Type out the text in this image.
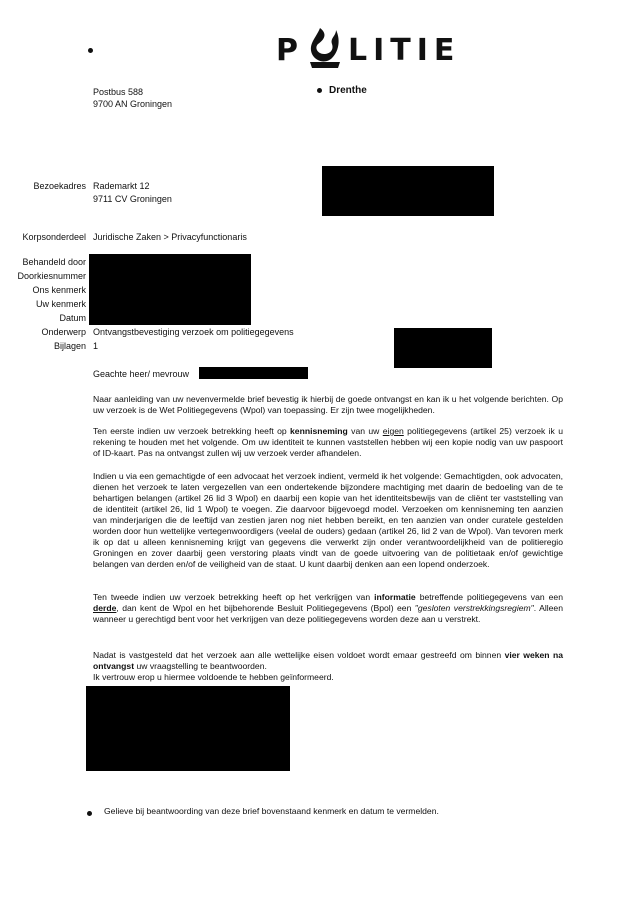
P LITIE
Drenthe
Postbus 588
9700 AN Groningen
Bezoekadres Rademarkt 12
9711 CV Groningen
Korpsonderdeel Juridische Zaken > Privacyfunctionaris
Behandeld door
Doorkiesnummer
Ons kenmerk
Uw kenmerk
Datum
Onderwerp
Bijlagen
Ontvangstbevestiging verzoek om politiegegevens
1
Geachte heer/ mevrouw

Naar aanleiding van uw nevenvermelde brief bevestig ik hierbij de goede ontvangst en kan ik u het volgende berichten. Op uw verzoek is de Wet Politiegegevens (Wpol) van toepassing. Er zijn twee mogelijkheden.

Ten eerste indien uw verzoek betrekking heeft op kennisneming van uw eigen politiegegevens (artikel 25) verzoek ik u rekening te houden met het volgende. Om uw identiteit te kunnen vaststellen hebben wij een kopie nodig van uw paspoort of ID-kaart. Pas na ontvangst zullen wij uw verzoek verder afhandelen.

Indien u via een gemachtigde of een advocaat het verzoek indient, vermeld ik het volgende: Gemachtigden, ook advocaten, dienen het verzoek te laten vergezellen van een ondertekende bijzondere machtiging met daarin de bedoeling van de te behartigen belangen (artikel 26 lid 3 Wpol) en daarbij een kopie van het identiteitsbewijs van de cliënt ter vaststelling van de identiteit (artikel 26, lid 1 Wpol) te voegen. Zie daarvoor bijgevoegd model. Verzoeken om kennisneming ten aanzien van minderjarigen die de leeftijd van zestien jaren nog niet hebben bereikt, en ten aanzien van onder curatele gestelden worden door hun wettelijke vertegenwoordigers (veelal de ouders) gedaan (artikel 26, lid 2 van de Wpol). Van tevoren merk ik op dat u alleen kennisneming krijgt van gegevens die verwerkt zijn onder verantwoordelijkheid van de politieregio Groningen en zover daarbij geen verstoring plaats vindt van de goede uitvoering van de politietaak en/of gewichtige belangen van derden en/of de veiligheid van de staat. U kunt daarbij denken aan een lopend onderzoek.

Ten tweede indien uw verzoek betrekking heeft op het verkrijgen van informatie betreffende politiegegevens van een derde, dan kent de Wpol en het bijbehorende Besluit Politiegegevens (Bpol) een "gesloten verstrekkingsregiem". Alleen wanneer u gerechtigd bent voor het verkrijgen van deze politiegegevens worden deze aan u verstrekt.

Nadat is vastgesteld dat het verzoek aan alle wettelijke eisen voldoet wordt emaar gestreefd om binnen vier weken na ontvangst uw vraagstelling te beantwoorden.
Ik vertrouw erop u hiermee voldoende te hebben geïnformeerd.

Gelieve bij beantwoording van deze brief bovenstaand kenmerk en datum te vermelden.
